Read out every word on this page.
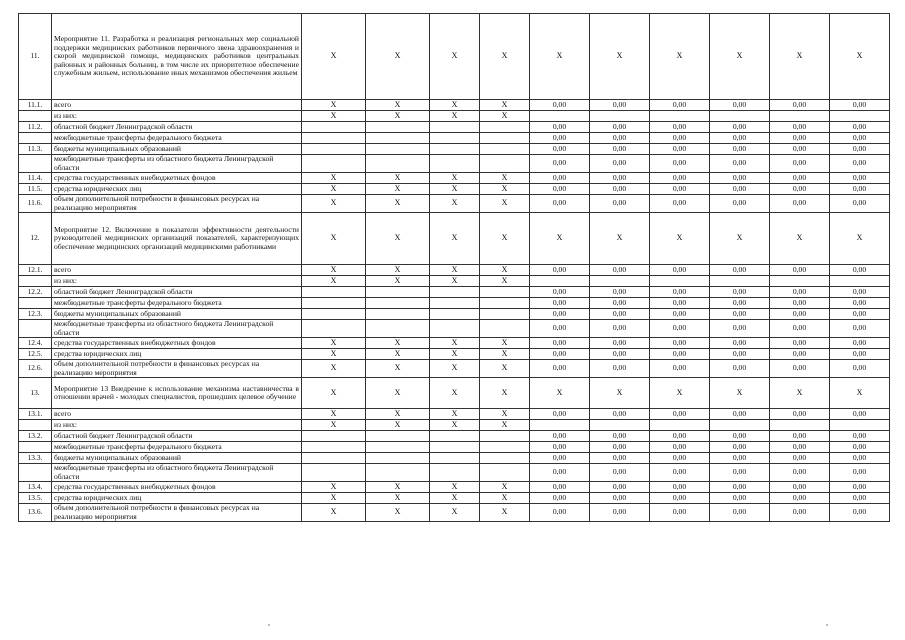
11.	Мероприятие 11. Разработка и реализация региональных мер социальной поддержки медицинских работников первичного звена здравоохранения и скорой медицинской помощи, медицинских работников центральных районных и районных больниц, в том числе их приоритетное обеспечение служебным жильем, использование иных механизмов обеспечения жильем	Х	Х	Х	Х	Х	Х	Х	Х	Х	Х
11.1.	всего	Х	Х	Х	Х	0,00	0,00	0,00	0,00	0,00	0,00
	из них:	Х	Х	Х	Х						
11.2.	областной бюджет Ленинградской области					0,00	0,00	0,00	0,00	0,00	0,00
	межбюджетные трансферты федерального бюджета					0,00	0,00	0,00	0,00	0,00	0,00
11.3.	бюджеты муниципальных образований					0,00	0,00	0,00	0,00	0,00	0,00
	межбюджетные трансферты из областного бюджета Ленинградской области					0,00	0,00	0,00	0,00	0,00	0,00
11.4.	средства государственных внебюджетных фондов	Х	Х	Х	Х	0,00	0,00	0,00	0,00	0,00	0,00
11.5.	средства юридических лиц	Х	Х	Х	Х	0,00	0,00	0,00	0,00	0,00	0,00
11.6.	объем дополнительной потребности в финансовых ресурсах на реализацию мероприятия	Х	Х	Х	Х	0,00	0,00	0,00	0,00	0,00	0,00
12.	Мероприятие 12. Включение в показатели эффективности деятельности руководителей медицинских организаций показателей, характеризующих обеспечение медицинских организаций медицинскими работниками	Х	Х	Х	Х	Х	Х	Х	Х	Х	Х
12.1.	всего	Х	Х	Х	Х	0,00	0,00	0,00	0,00	0,00	0,00
	из них:	Х	Х	Х	Х						
12.2.	областной бюджет Ленинградской области					0,00	0,00	0,00	0,00	0,00	0,00
	межбюджетные трансферты федерального бюджета					0,00	0,00	0,00	0,00	0,00	0,00
12.3.	бюджеты муниципальных образований					0,00	0,00	0,00	0,00	0,00	0,00
	межбюджетные трансферты из областного бюджета Ленинградской области					0,00	0,00	0,00	0,00	0,00	0,00
12.4.	средства государственных внебюджетных фондов	Х	Х	Х	Х	0,00	0,00	0,00	0,00	0,00	0,00
12.5.	средства юридических лиц	Х	Х	Х	Х	0,00	0,00	0,00	0,00	0,00	0,00
12.6.	объем дополнительной потребности в финансовых ресурсах на реализацию мероприятия	Х	Х	Х	Х	0,00	0,00	0,00	0,00	0,00	0,00
13.	Мероприятие 13 Внедрение к использование механизма наставничества в отношении врачей - молодых специалистов, прошедших целевое обучение	Х	Х	Х	Х	Х	Х	Х	Х	Х	Х
13.1.	всего	Х	Х	Х	Х	0,00	0,00	0,00	0,00	0,00	0,00
	из них:	Х	Х	Х	Х						
13.2.	областной бюджет Ленинградской области					0,00	0,00	0,00	0,00	0,00	0,00
	межбюджетные трансферты федерального бюджета					0,00	0,00	0,00	0,00	0,00	0,00
13.3.	бюджеты муниципальных образований					0,00	0,00	0,00	0,00	0,00	0,00
	межбюджетные трансферты из областного бюджета Ленинградской области					0,00	0,00	0,00	0,00	0,00	0,00
13.4.	средства государственных внебюджетных фондов	Х	Х	Х	Х	0,00	0,00	0,00	0,00	0,00	0,00
13.5.	средства юридических лиц	Х	Х	Х	Х	0,00	0,00	0,00	0,00	0,00	0,00
13.6.	объем дополнительной потребности в финансовых ресурсах на реализацию мероприятия	Х	Х	Х	Х	0,00	0,00	0,00	0,00	0,00	0,00
